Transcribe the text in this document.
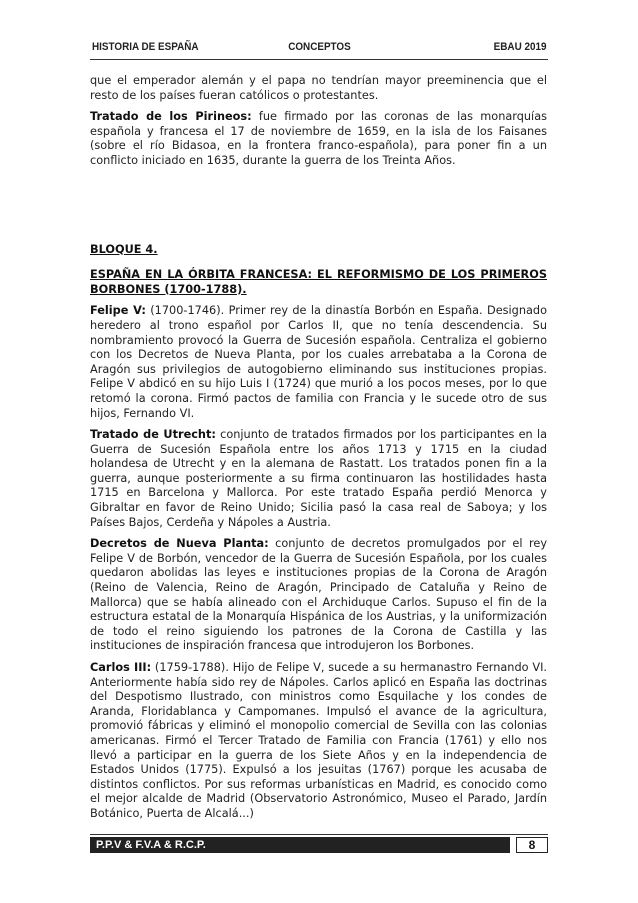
HISTORIA DE ESPAÑA	CONCEPTOS	EBAU 2019

que el emperador alemán y el papa no tendrían mayor preeminencia que el resto de los países fueran católicos o protestantes.

Tratado de los Pirineos: fue firmado por las coronas de las monarquías española y francesa el 17 de noviembre de 1659, en la isla de los Faisanes (sobre el río Bidasoa, en la frontera franco-española), para poner fin a un conflicto iniciado en 1635, durante la guerra de los Treinta Años.

BLOQUE 4.

ESPAÑA EN LA ÓRBITA FRANCESA: EL REFORMISMO DE LOS PRIMEROS BORBONES (1700-1788).

Felipe V: (1700-1746). Primer rey de la dinastía Borbón en España. Designado heredero al trono español por Carlos II, que no tenía descendencia. Su nombramiento provocó la Guerra de Sucesión española. Centraliza el gobierno con los Decretos de Nueva Planta, por los cuales arrebataba a la Corona de Aragón sus privilegios de autogobierno eliminando sus instituciones propias. Felipe V abdicó en su hijo Luis I (1724) que murió a los pocos meses, por lo que retomó la corona. Firmó pactos de familia con Francia y le sucede otro de sus hijos, Fernando VI.

Tratado de Utrecht: conjunto de tratados firmados por los participantes en la Guerra de Sucesión Española entre los años 1713 y 1715 en la ciudad holandesa de Utrecht y en la alemana de Rastatt. Los tratados ponen fin a la guerra, aunque posteriormente a su firma continuaron las hostilidades hasta 1715 en Barcelona y Mallorca. Por este tratado España perdió Menorca y Gibraltar en favor de Reino Unido; Sicilia pasó la casa real de Saboya; y los Países Bajos, Cerdeña y Nápoles a Austria.

Decretos de Nueva Planta: conjunto de decretos promulgados por el rey Felipe V de Borbón, vencedor de la Guerra de Sucesión Española, por los cuales quedaron abolidas las leyes e instituciones propias de la Corona de Aragón (Reino de Valencia, Reino de Aragón, Principado de Cataluña y Reino de Mallorca) que se había alineado con el Archiduque Carlos. Supuso el fin de la estructura estatal de la Monarquía Hispánica de los Austrias, y la uniformización de todo el reino siguiendo los patrones de la Corona de Castilla y las instituciones de inspiración francesa que introdujeron los Borbones.

Carlos III: (1759-1788). Hijo de Felipe V, sucede a su hermanastro Fernando VI. Anteriormente había sido rey de Nápoles. Carlos aplicó en España las doctrinas del Despotismo Ilustrado, con ministros como Esquilache y los condes de Aranda, Floridablanca y Campomanes. Impulsó el avance de la agricultura, promovió fábricas y eliminó el monopolio comercial de Sevilla con las colonias americanas. Firmó el Tercer Tratado de Familia con Francia (1761) y ello nos llevó a participar en la guerra de los Siete Años y en la independencia de Estados Unidos (1775). Expulsó a los jesuitas (1767) porque les acusaba de distintos conflictos. Por sus reformas urbanísticas en Madrid, es conocido como el mejor alcalde de Madrid (Observatorio Astronómico, Museo el Parado, Jardín Botánico, Puerta de Alcalá...)

P.P.V & F.V.A & R.C.P.	8
